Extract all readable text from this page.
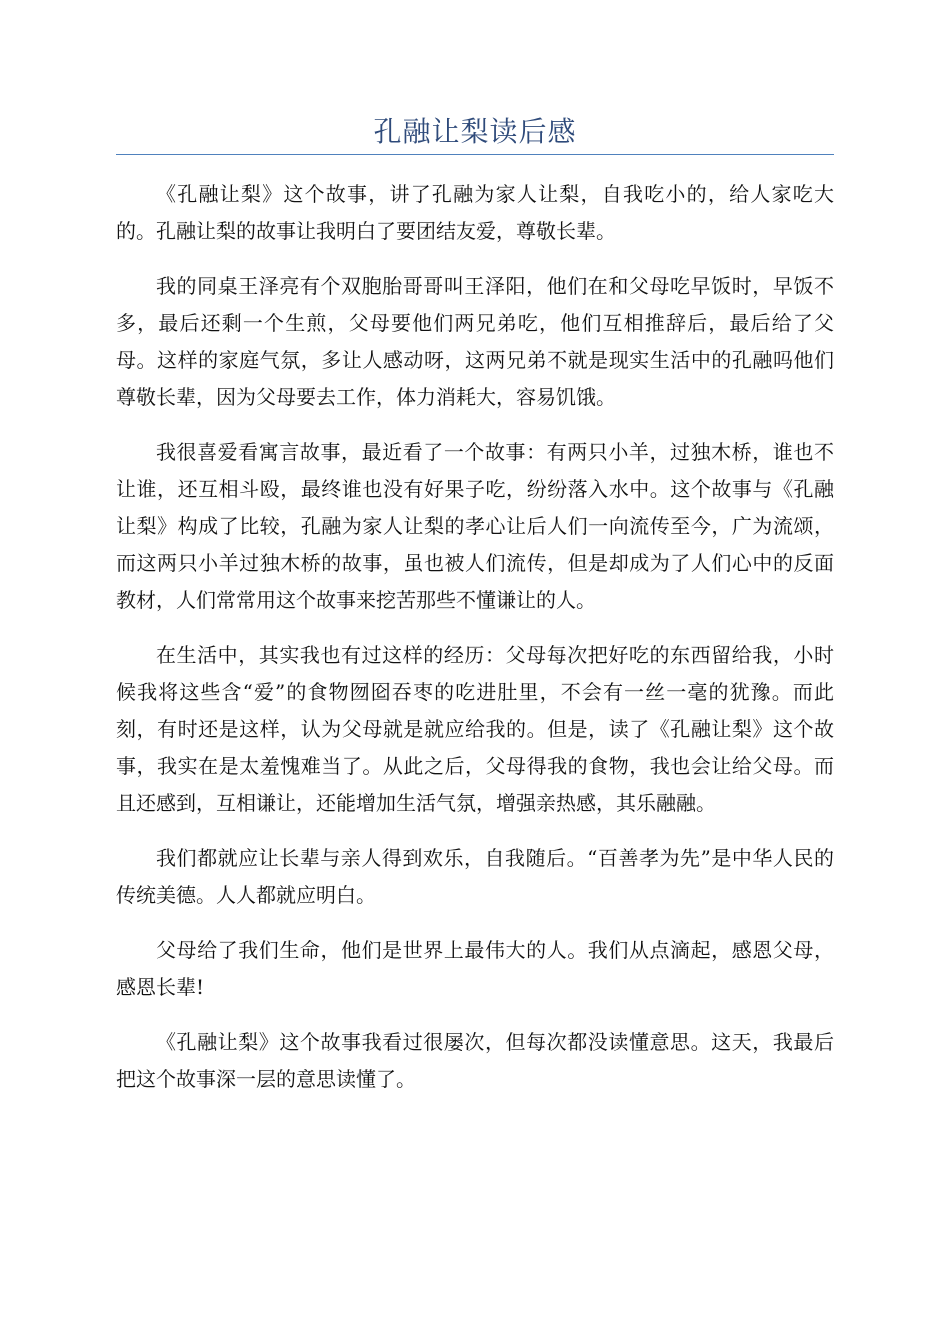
孔融让梨读后感

《孔融让梨》这个故事，讲了孔融为家人让梨，自我吃小的，给人家吃大的。孔融让梨的故事让我明白了要团结友爱，尊敬长辈。

我的同桌王泽亮有个双胞胎哥哥叫王泽阳，他们在和父母吃早饭时，早饭不多，最后还剩一个生煎，父母要他们两兄弟吃，他们互相推辞后，最后给了父母。这样的家庭气氛，多让人感动呀，这两兄弟不就是现实生活中的孔融吗他们尊敬长辈，因为父母要去工作，体力消耗大，容易饥饿。

我很喜爱看寓言故事，最近看了一个故事：有两只小羊，过独木桥，谁也不让谁，还互相斗殴，最终谁也没有好果子吃，纷纷落入水中。这个故事与《孔融让梨》构成了比较，孔融为家人让梨的孝心让后人们一向流传至今，广为流颂，而这两只小羊过独木桥的故事，虽也被人们流传，但是却成为了人们心中的反面教材，人们常常用这个故事来挖苦那些不懂谦让的人。

在生活中，其实我也有过这样的经历：父母每次把好吃的东西留给我，小时候我将这些含“爱”的食物囫囵吞枣的吃进肚里，不会有一丝一毫的犹豫。而此刻，有时还是这样，认为父母就是就应给我的。但是，读了《孔融让梨》这个故事，我实在是太羞愧难当了。从此之后，父母得我的食物，我也会让给父母。而且还感到，互相谦让，还能增加生活气氛，增强亲热感，其乐融融。

我们都就应让长辈与亲人得到欢乐，自我随后。“百善孝为先”是中华人民的传统美德。人人都就应明白。

父母给了我们生命，他们是世界上最伟大的人。我们从点滴起，感恩父母，感恩长辈!

《孔融让梨》这个故事我看过很屡次，但每次都没读懂意思。这天，我最后把这个故事深一层的意思读懂了。
